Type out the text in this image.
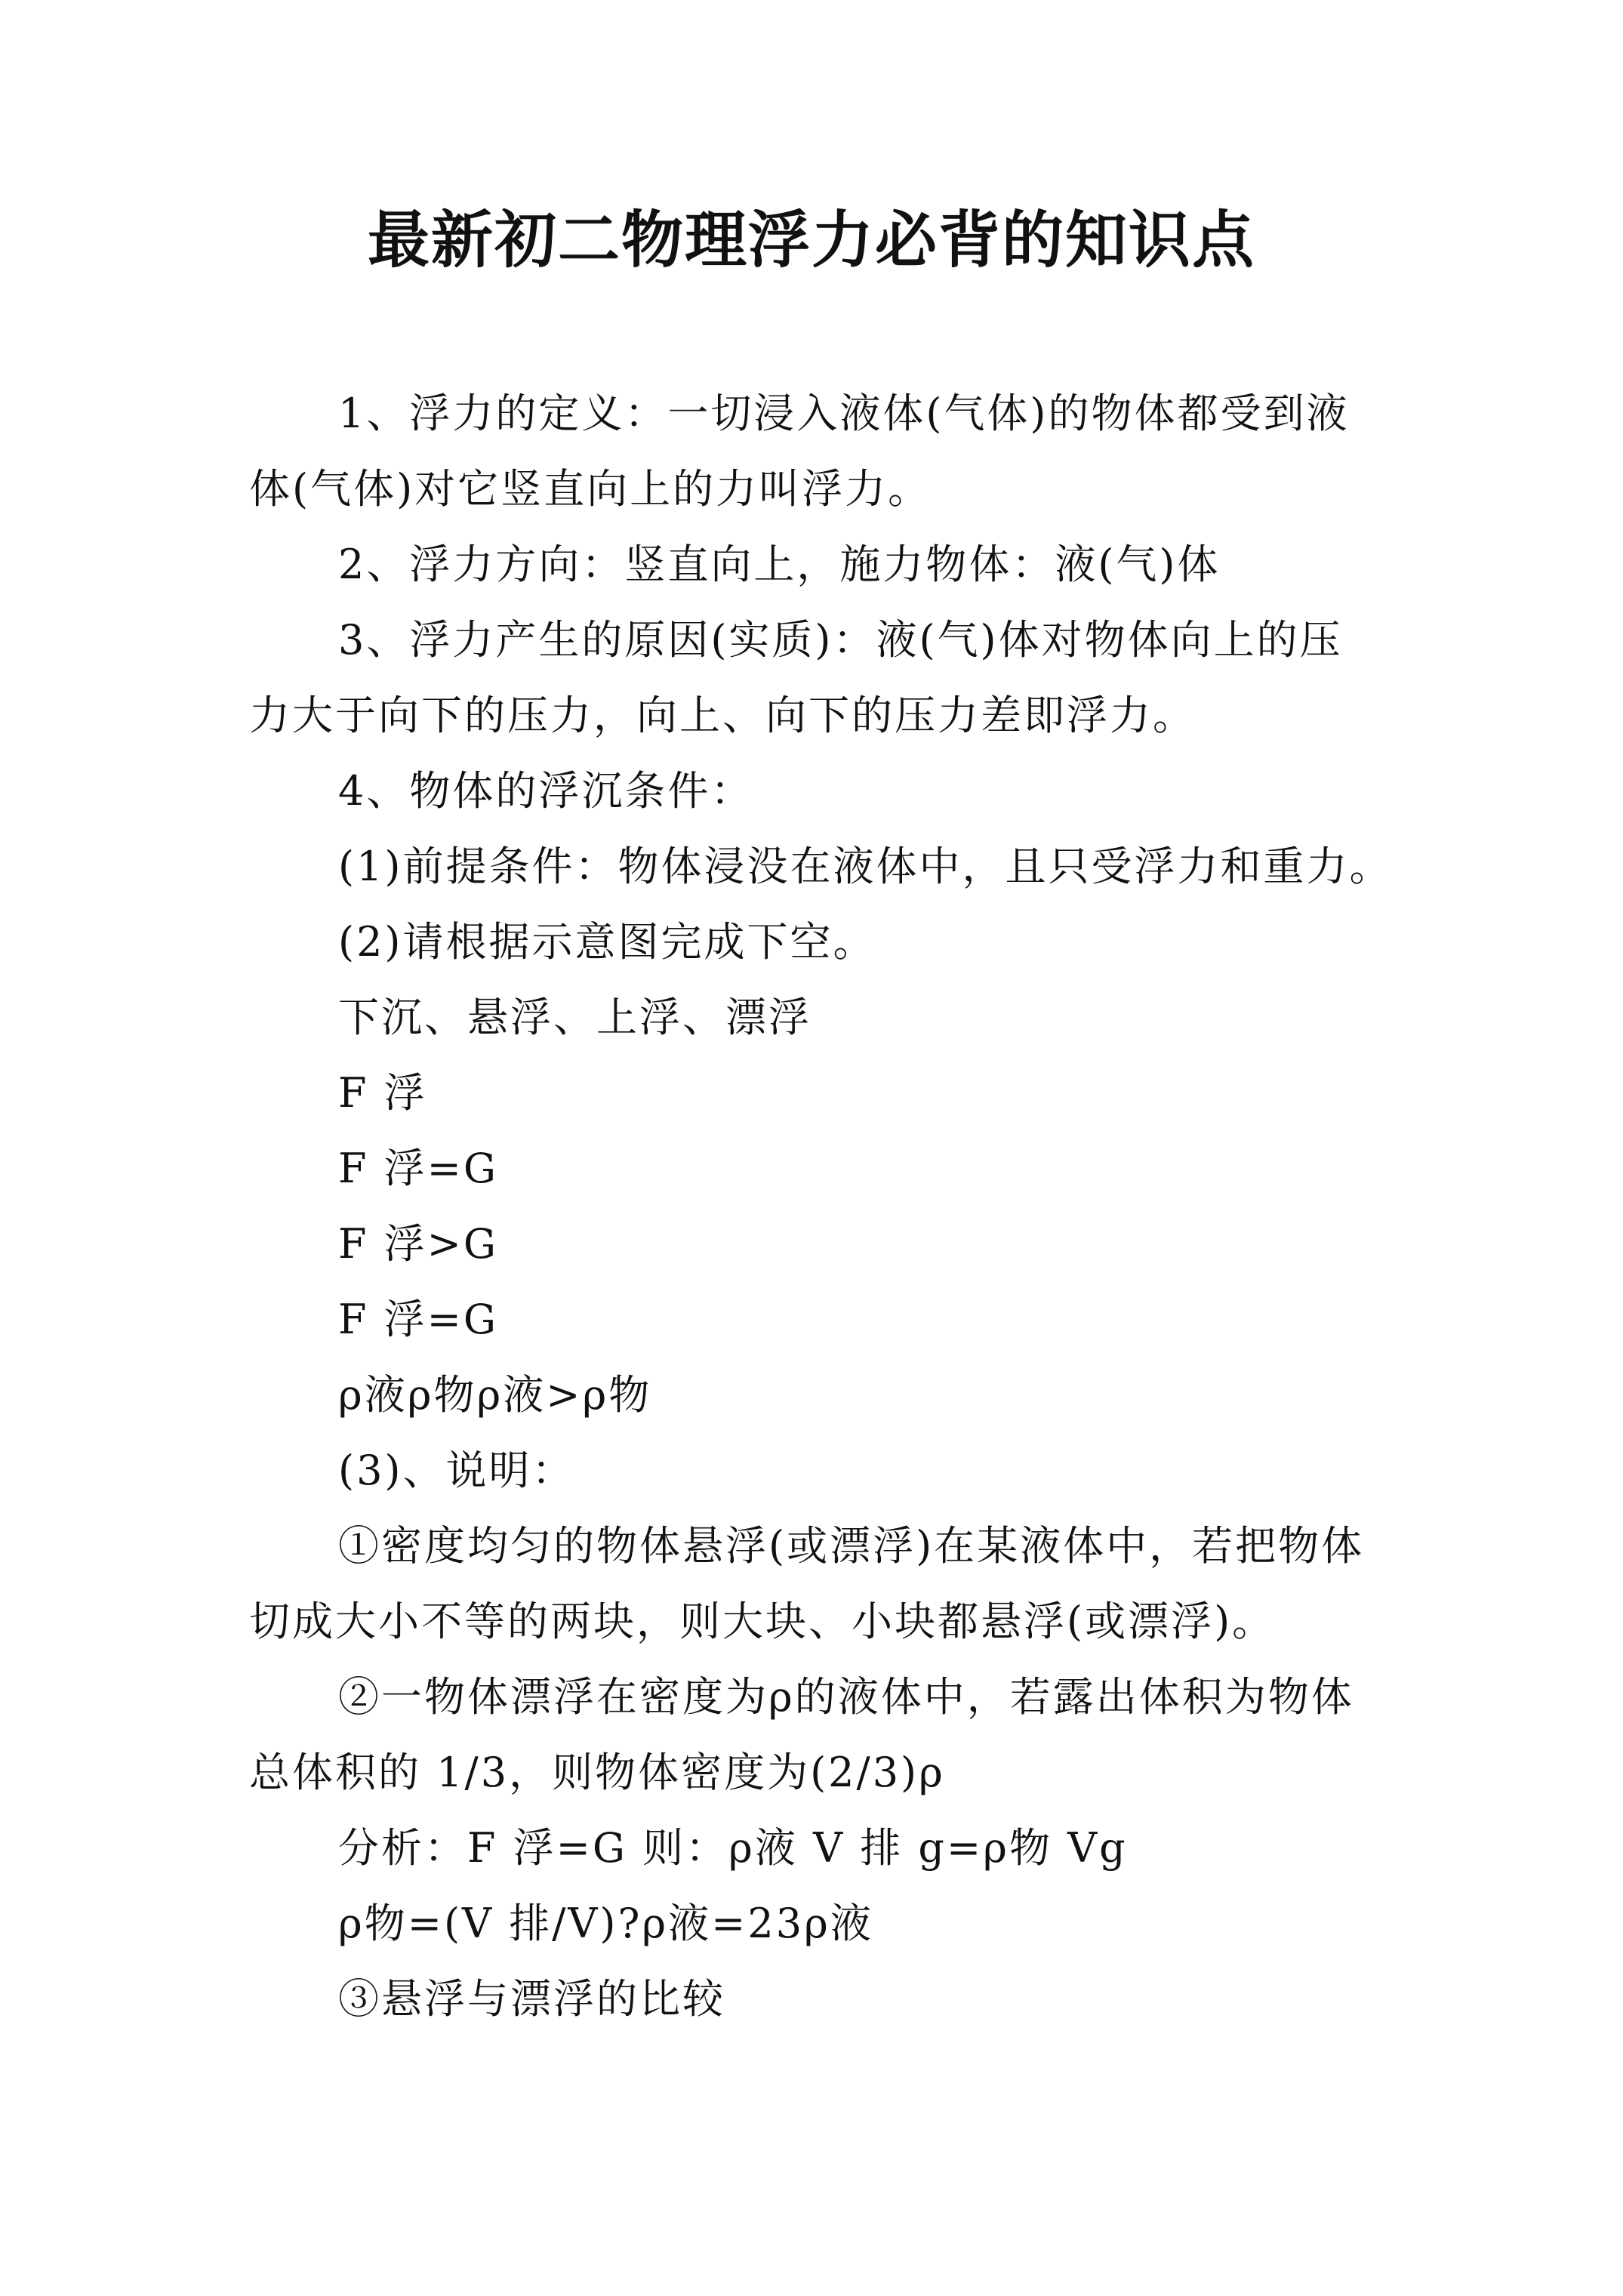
最新初二物理浮力必背的知识点
1、浮力的定义：一切浸入液体(气体)的物体都受到液
体(气体)对它竖直向上的力叫浮力。
2、浮力方向：竖直向上，施力物体：液(气)体
3、浮力产生的原因(实质)：液(气)体对物体向上的压
力大于向下的压力，向上、向下的压力差即浮力。
4、物体的浮沉条件：
(1)前提条件：物体浸没在液体中，且只受浮力和重力。
(2)请根据示意图完成下空。
下沉、悬浮、上浮、漂浮
F 浮
F 浮=G
F 浮>G
F 浮=G
ρ液ρ物ρ液>ρ物
(3)、说明：
①密度均匀的物体悬浮(或漂浮)在某液体中，若把物体
切成大小不等的两块，则大块、小块都悬浮(或漂浮)。
②一物体漂浮在密度为ρ的液体中，若露出体积为物体
总体积的 1/3，则物体密度为(2/3)ρ
分析：F 浮=G 则：ρ液 V 排 g=ρ物 Vg
ρ物=(V 排/V)?ρ液=23ρ液
③悬浮与漂浮的比较
